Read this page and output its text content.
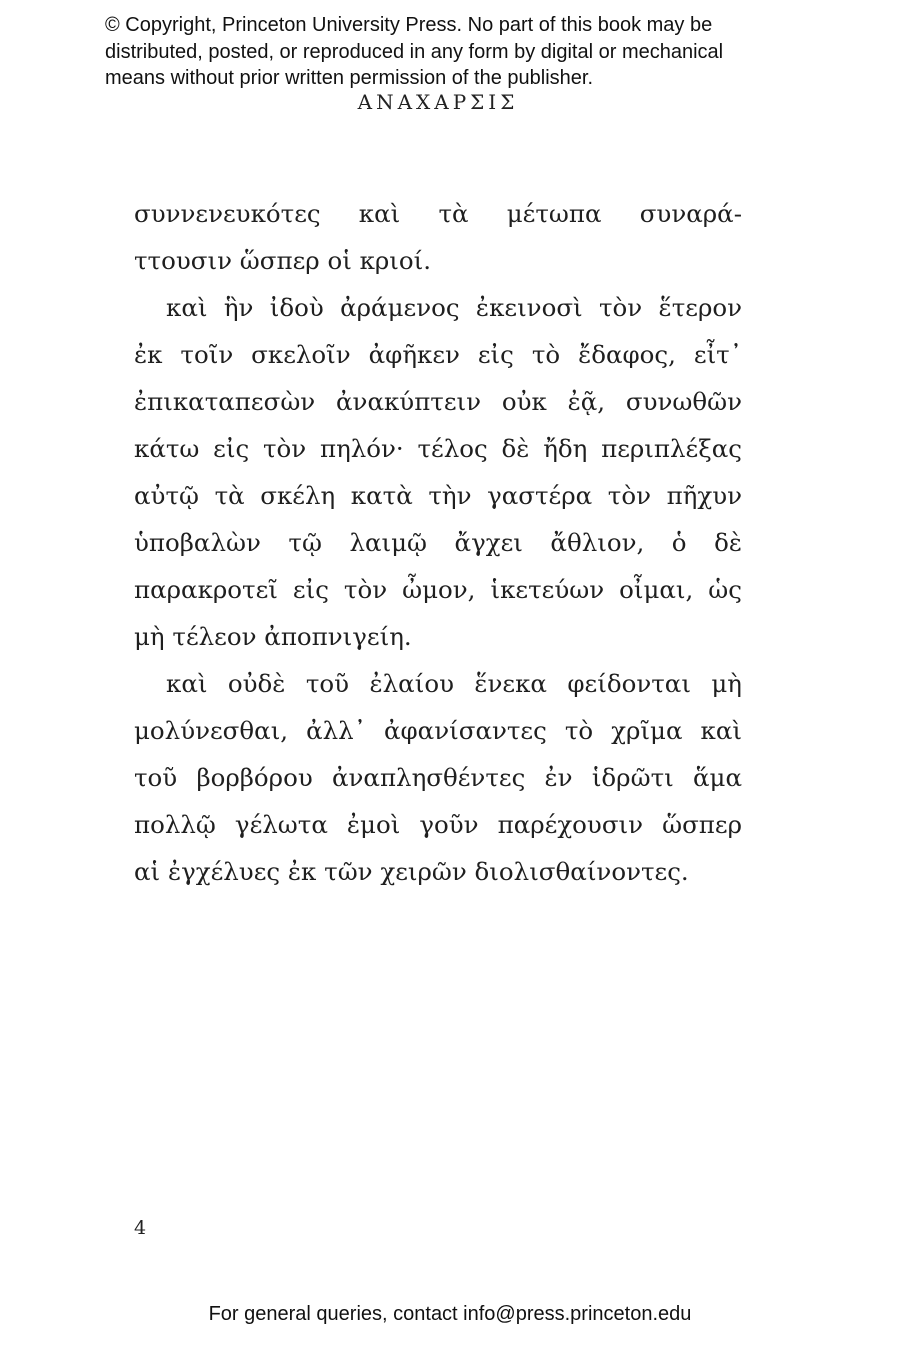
© Copyright, Princeton University Press. No part of this book may be
distributed, posted, or reproduced in any form by digital or mechanical
means without prior written permission of the publisher.
ΑΝΑΧΑΡΣΙΣ
συννενευκότες καὶ τὰ μέτωπα συναρά-
ττουσιν ὥσπερ οἱ κριοί.
καὶ ἣν ἰδοὺ ἀράμενος ἐκεινοσὶ τὸν ἕτερον
ἐκ τοῖν σκελοῖν ἀφῆκεν εἰς τὸ ἔδαφος, εἶτ᾽
ἐπικαταπεσὼν ἀνακύπτειν οὐκ ἐᾷ, συνωθῶν
κάτω εἰς τὸν πηλόν· τέλος δὲ ἤδη περιπλέξας
αὐτῷ τὰ σκέλη κατὰ τὴν γαστέρα τὸν πῆχυν
ὑποβαλὼν τῷ λαιμῷ ἄγχει ἄθλιον, ὁ δὲ
παρακροτεῖ εἰς τὸν ὦμον, ἱκετεύων οἶμαι, ὡς
μὴ τέλεον ἀποπνιγείη.
καὶ οὐδὲ τοῦ ἐλαίου ἕνεκα φείδονται μὴ
μολύνεσθαι, ἀλλ᾽ ἀφανίσαντες τὸ χρῖμα καὶ
τοῦ βορβόρου ἀναπλησθέντες ἐν ἱδρῶτι ἅμα
πολλῷ γέλωτα ἐμοὶ γοῦν παρέχουσιν ὥσπερ
αἱ ἐγχέλυες ἐκ τῶν χειρῶν διολισθαίνοντες.
4
For general queries, contact info@press.princeton.edu
